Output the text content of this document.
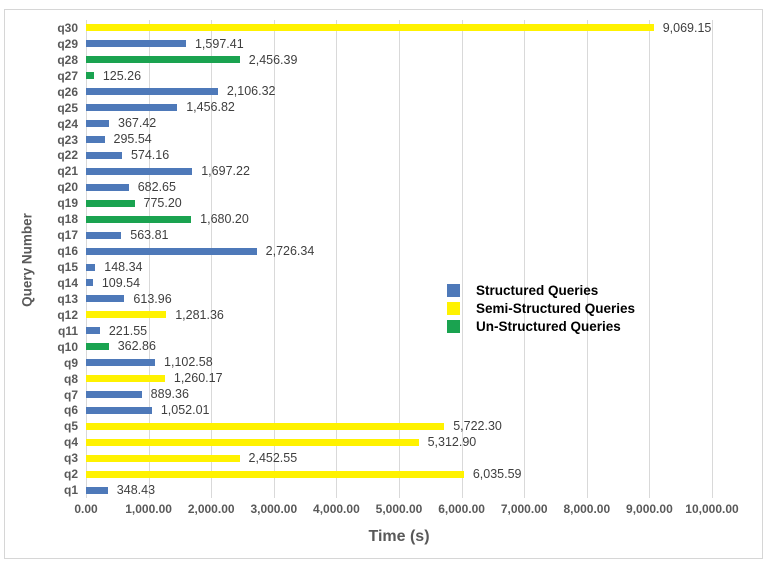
Query Number
q30
q29
q28
q27
q26
q25
q24
q23
q22
q21
q20
q19
q18
q17
q16
q15
q14
q13
q12
q11
q10
q9
q8
q7
q6
q5
q4
q3
q2
q1
9,069.15
1,597.41
2,456.39
125.26
2,106.32
1,456.82
367.42
295.54
574.16
1,697.22
682.65
775.20
1,680.20
563.81
2,726.34
148.34
109.54
613.96
1,281.36
221.55
362.86
1,102.58
1,260.17
889.36
1,052.01
5,722.30
5,312.90
2,452.55
6,035.59
348.43
Structured Queries
Semi-Structured Queries
Un-Structured Queries
0.00 1,000.00 2,000.00 3,000.00 4,000.00 5,000.00 6,000.00 7,000.00 8,000.00 9,000.00 10,000.00
Time (s)
